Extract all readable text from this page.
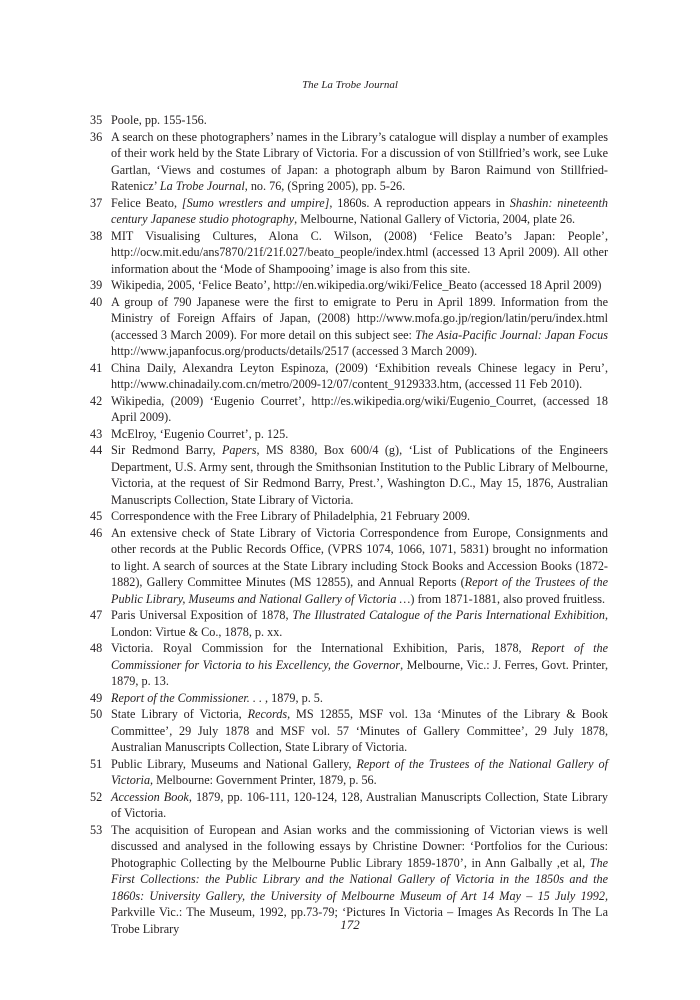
The La Trobe Journal
35 Poole, pp. 155-156.
36 A search on these photographers’ names in the Library’s catalogue will display a number of examples of their work held by the State Library of Victoria. For a discussion of von Stillfried’s work, see Luke Gartlan, ‘Views and costumes of Japan: a photograph album by Baron Raimund von Stillfried-Ratenicz’ La Trobe Journal, no. 76, (Spring 2005), pp. 5-26.
37 Felice Beato, [Sumo wrestlers and umpire], 1860s. A reproduction appears in Shashin: nineteenth century Japanese studio photography, Melbourne, National Gallery of Victoria, 2004, plate 26.
38 MIT Visualising Cultures, Alona C. Wilson, (2008) ‘Felice Beato’s Japan: People’, http://ocw.mit.edu/ans7870/21f/21f.027/beato_people/index.html (accessed 13 April 2009). All other information about the ‘Mode of Shampooing’ image is also from this site.
39 Wikipedia, 2005, ‘Felice Beato’, http://en.wikipedia.org/wiki/Felice_Beato (accessed 18 April 2009)
40 A group of 790 Japanese were the first to emigrate to Peru in April 1899. Information from the Ministry of Foreign Affairs of Japan, (2008) http://www.mofa.go.jp/region/latin/peru/index.html (accessed 3 March 2009). For more detail on this subject see: The Asia-Pacific Journal: Japan Focus http://www.japanfocus.org/products/details/2517 (accessed 3 March 2009).
41 China Daily, Alexandra Leyton Espinoza, (2009) ‘Exhibition reveals Chinese legacy in Peru’, http://www.chinadaily.com.cn/metro/2009-12/07/content_9129333.htm, (accessed 11 Feb 2010).
42 Wikipedia, (2009) ‘Eugenio Courret’, http://es.wikipedia.org/wiki/Eugenio_Courret, (accessed 18 April 2009).
43 McElroy, ‘Eugenio Courret’, p. 125.
44 Sir Redmond Barry, Papers, MS 8380, Box 600/4 (g), ‘List of Publications of the Engineers Department, U.S. Army sent, through the Smithsonian Institution to the Public Library of Melbourne, Victoria, at the request of Sir Redmond Barry, Prest.’, Washington D.C., May 15, 1876, Australian Manuscripts Collection, State Library of Victoria.
45 Correspondence with the Free Library of Philadelphia, 21 February 2009.
46 An extensive check of State Library of Victoria Correspondence from Europe, Consignments and other records at the Public Records Office, (VPRS 1074, 1066, 1071, 5831) brought no information to light. A search of sources at the State Library including Stock Books and Accession Books (1872-1882), Gallery Committee Minutes (MS 12855), and Annual Reports (Report of the Trustees of the Public Library, Museums and National Gallery of Victoria …) from 1871-1881, also proved fruitless.
47 Paris Universal Exposition of 1878, The Illustrated Catalogue of the Paris International Exhibition, London: Virtue & Co., 1878, p. xx.
48 Victoria. Royal Commission for the International Exhibition, Paris, 1878, Report of the Commissioner for Victoria to his Excellency, the Governor, Melbourne, Vic.: J. Ferres, Govt. Printer, 1879, p. 13.
49 Report of the Commissioner. . . , 1879, p. 5.
50 State Library of Victoria, Records, MS 12855, MSF vol. 13a ‘Minutes of the Library & Book Committee’, 29 July 1878 and MSF vol. 57 ‘Minutes of Gallery Committee’, 29 July 1878, Australian Manuscripts Collection, State Library of Victoria.
51 Public Library, Museums and National Gallery, Report of the Trustees of the National Gallery of Victoria, Melbourne: Government Printer, 1879, p. 56.
52 Accession Book, 1879, pp. 106-111, 120-124, 128, Australian Manuscripts Collection, State Library of Victoria.
53 The acquisition of European and Asian works and the commissioning of Victorian views is well discussed and analysed in the following essays by Christine Downer: ‘Portfolios for the Curious: Photographic Collecting by the Melbourne Public Library 1859-1870’, in Ann Galbally ,et al, The First Collections: the Public Library and the National Gallery of Victoria in the 1850s and the 1860s: University Gallery, the University of Melbourne Museum of Art 14 May – 15 July 1992, Parkville Vic.: The Museum, 1992, pp.73-79; ‘Pictures In Victoria – Images As Records In The La Trobe Library	172
